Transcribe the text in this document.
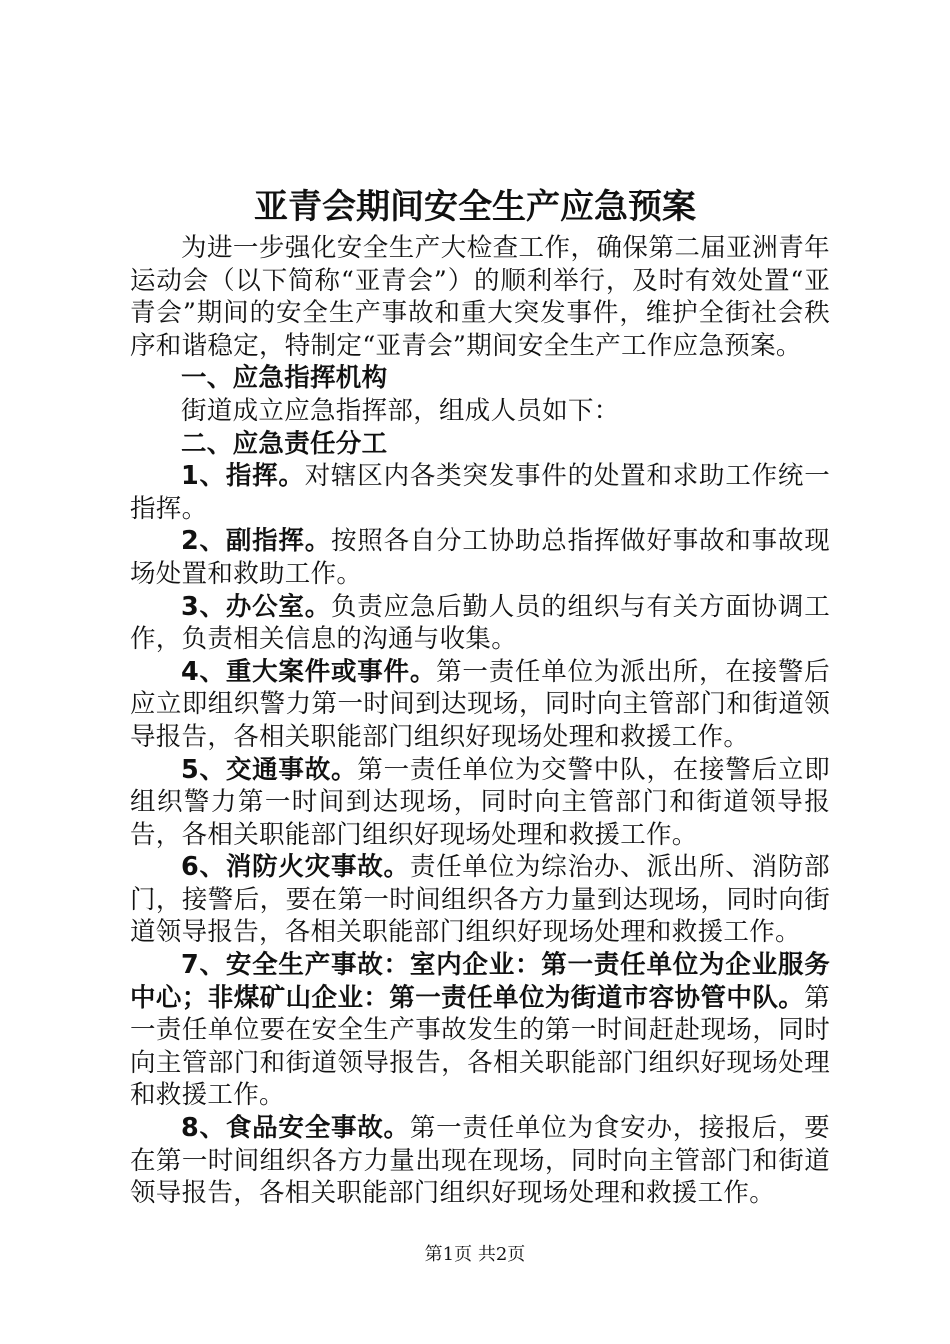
亚青会期间安全生产应急预案

为进一步强化安全生产大检查工作，确保第二届亚洲青年运动会（以下简称“亚青会”）的顺利举行，及时有效处置“亚青会”期间的安全生产事故和重大突发事件，维护全街社会秩序和谐稳定，特制定“亚青会”期间安全生产工作应急预案。

一、应急指挥机构

街道成立应急指挥部，组成人员如下：

二、应急责任分工

1、指挥。对辖区内各类突发事件的处置和求助工作统一指挥。

2、副指挥。按照各自分工协助总指挥做好事故和事故现场处置和救助工作。

3、办公室。负责应急后勤人员的组织与有关方面协调工作，负责相关信息的沟通与收集。

4、重大案件或事件。第一责任单位为派出所，在接警后应立即组织警力第一时间到达现场，同时向主管部门和街道领导报告，各相关职能部门组织好现场处理和救援工作。

5、交通事故。第一责任单位为交警中队，在接警后立即组织警力第一时间到达现场，同时向主管部门和街道领导报告，各相关职能部门组织好现场处理和救援工作。

6、消防火灾事故。责任单位为综治办、派出所、消防部门，接警后，要在第一时间组织各方力量到达现场，同时向街道领导报告，各相关职能部门组织好现场处理和救援工作。

7、安全生产事故：室内企业：第一责任单位为企业服务中心；非煤矿山企业：第一责任单位为街道市容协管中队。第一责任单位要在安全生产事故发生的第一时间赶赴现场，同时向主管部门和街道领导报告，各相关职能部门组织好现场处理和救援工作。

8、食品安全事故。第一责任单位为食安办，接报后，要在第一时间组织各方力量出现在现场，同时向主管部门和街道领导报告，各相关职能部门组织好现场处理和救援工作。

第1页 共2页
